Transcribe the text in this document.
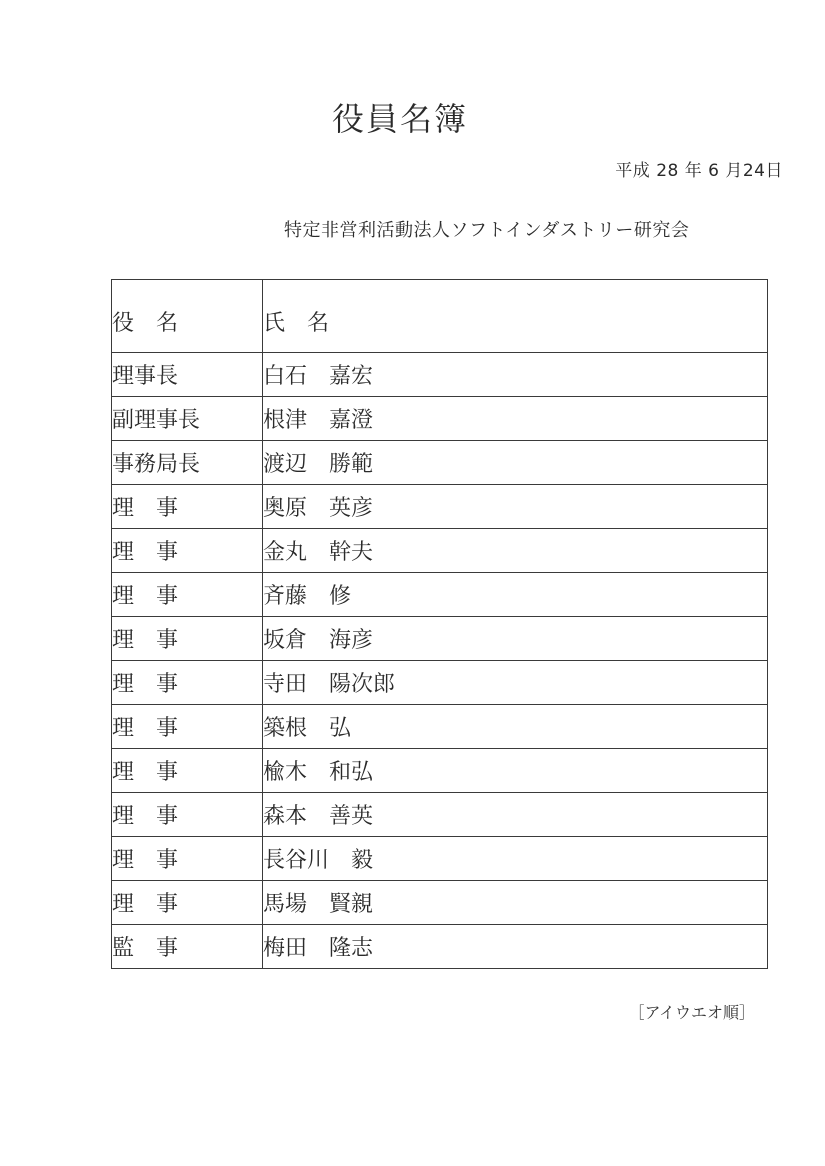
役員名簿
平成 28 年 6 月24日
特定非営利活動法人ソフトインダストリー研究会
役　名	氏　名
理事長	白石　嘉宏
副理事長	根津　嘉澄
事務局長	渡辺　勝範
理　事	奥原　英彦
理　事	金丸　幹夫
理　事	斉藤　修
理　事	坂倉　海彦
理　事	寺田　陽次郎
理　事	築根　弘
理　事	楡木　和弘
理　事	森本　善英
理　事	長谷川　毅
理　事	馬場　賢親
監　事	梅田　隆志
［アイウエオ順］
